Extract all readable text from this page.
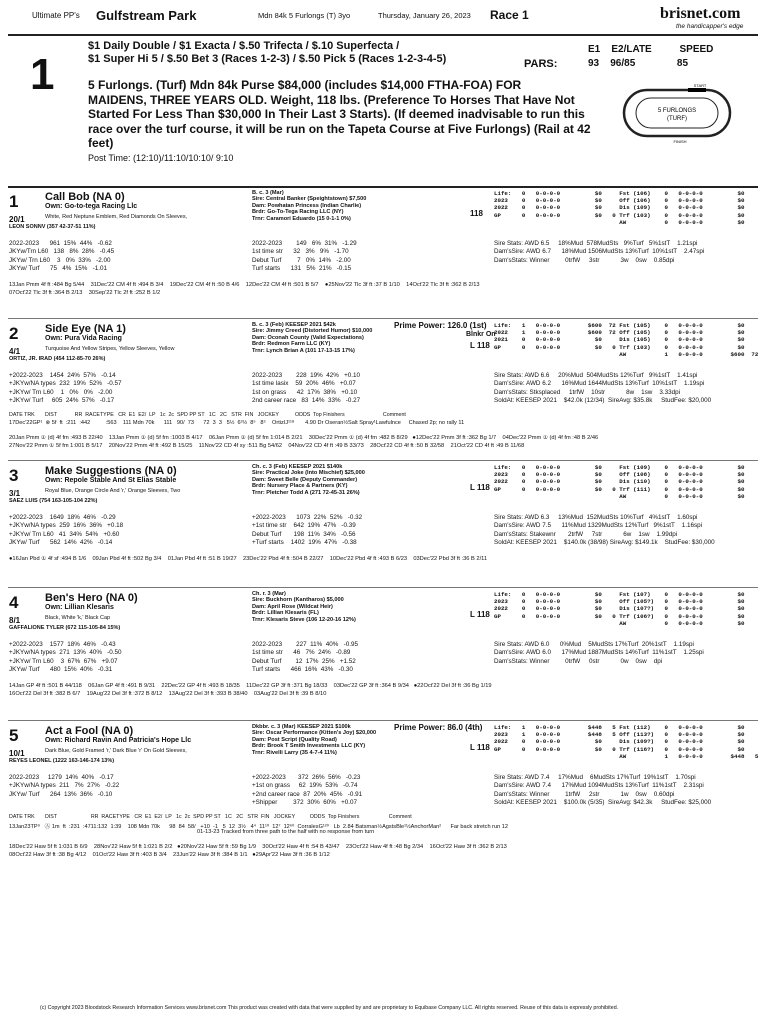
Ultimate PP's Gulfstream Park	Mdn 84k 5 Furlongs (T) 3yo	Thursday, January 26, 2023 Race 1	brisnet.com
the handicapper's edge
1
$1 Daily Double / $1 Exacta / $.50 Trifecta / $.10 Superfecta /
$1 Super Hi 5 / $.50 Bet 3 (Races 1-2-3) / $.50 Pick 5 (Races 1-2-3-4-5)	PARS:
E1    E2/LATE          SPEED
93    96/85               85
5 Furlongs. (Turf) Mdn 84k Purse $84,000 (includes $14,000 FTHA-FOA) FOR
MAIDENS, THREE YEARS OLD. Weight, 118 lbs. (Preference To Horses That Have Not
Started For Less Than $30,000 In Their Last 3 Starts). (If deemed inadvisable to run this
race over the turf course, it will be run on the Tapeta Course at Five Furlongs) (Rail at 42
feet)
Post Time: (12:10)/11:10/10:10/ 9:10
5 FURLONGS
(TURF)
START
FINISH
1 Call Bob (NA 0)
Own: Go-to-tega Racing Llc
20/1	White, Red Neptune Emblem, Red Diamonds On Sleeves,
LEON SONNV (357 42-37-51 11%)
B. c. 3 (Mar)
Sire: Central Banker (Speightstown) $7,500
Dam: Powhatan Princess (Indian Charlie)
Brdr: Go-To-Tega Racing LLC (NY)
Trnr: Caramori Eduardo (15 0-1-1 0%)
118
Life:   0   0-0-0-0          $0     Fst (106)    0   0-0-0-0          $0
2023    0   0-0-0-0          $0     Off (106)    0   0-0-0-0          $0
2022    0   0-0-0-0          $0     Dis (109)    0   0-0-0-0          $0
GP      0   0-0-0-0          $0   0 Trf (103)    0   0-0-0-0          $0
AW           0   0-0-0-0          $0
2022-2023      961  15%  44%   -0.62
JKYw/Trn L60   138   8%  28%   -0.45
JKYw/ Trn L60    3   0%  33%   -2.00
JKYw/ Turf      75   4%  15%   -1.01
2022-2023        149   6%  31%   -1.29
1st time str      32   3%   9%   -1.70
Debut Turf         7   0%  14%   -2.00
Turf starts      131   5%  21%   -0.15
Sire Stats: AWD 6.5     18%Mud  578MudSts   9%Turf   5%1stT    1.21spi
Dam'sSire: AWD 6.7      18%Mud 1506MudSts 13%Turf  10%1stT    2.47spi
Dam'sStats: Winner         0trfW     3str            3w    0sw    0.85dpi
13Jan Pmm 4f ft :484 Bg 5/44    31Dec'22 CM 4f ft :494 B 3/4    19Dec'22 CM 4f ft :50 B 4/6    12Dec'22 CM 4f ft :501 B 5/7    ●25Nov'22 Tlc 3f ft :37 B 1/10    14Oct'22 Tlc 3f ft :362 B 2/13
07Oct'22 Tlc 3f ft :364 B 2/13    30Sep'22 Tlc 2f ft :252 B 1/2
2 Side Eye (NA 1)
Own: Pura Vida Racing
4/1	Turquoise And Yellow Stripes, Yellow Sleeves, Yellow
ORTIZ, JR. IRAD (454 112-85-70 26%)
B. c. 3 (Feb) KEESEP 2021 $42k
Sire: Jimmy Creed (Distorted Humor) $10,000
Dam: Oconah County (Valid Expectations)
Brdr: Redmon Farm LLC (KY)
Trnr: Lynch Brian A (101 17-13-15 17%)
Prime Power: 126.0 (1st)
Blnkr On
L 118
Life:   1   0-0-0-0        $600  72 Fst (105)    0   0-0-0-0          $0
2022    1   0-0-0-0        $600  72 Off (105)    0   0-0-0-0          $0
2021    0   0-0-0-0          $0     Dis (105)    0   0-0-0-0          $0
GP      0   0-0-0-0          $0   0 Trf (103)    0   0-0-0-0          $0
AW           1   0-0-0-0        $600  72
+2022-2023    1454  24%  57%   -0.14
+JKYw/NA types  232  19%  52%   -0.57
+JKYw/ Trn L60    1   0%   0%   -2.00
+JKYw/ Turf     605  24%  57%   -0.17
2022-2023        228  19%  42%   +0.10
1st time lasix    59  20%  46%   +0.07
1st on grass      42  17%  38%   +0.10
2nd career race   83  14%  33%   -0.27
Sire Stats: AWD 6.6     20%Mud  504MudSts 12%Turf   9%1stT    1.41spi
Dam'sSire: AWD 6.2      16%Mud 1644MudSts 13%Turf  10%1stT    1.19spi
Dam'sStats: Stksplaced     1trfW    10str            8w    1sw    3.33dpi
SoldAt: KEESEP 2021    $42.0k (12/34)  SireAvg: $35.8k     StudFee: $20,000
DATE TRK       DIST            RR  RACETYPE   CR  E1  E2/  LP   1c  2c  SPD PP ST   1C   2C   STR  FIN   JOCKEY           ODDS  Top Finishers                          Comment
17Dec'22GP¹  ⊗ 5f  ft  :211  :442          :563    111 Mdn 70k      111   90/  73      72  3  3   5½  6³½  8⁵   8⁵    OrtizIJ¹¹⁸       4.90 Dr Oseran½Salt Spray¹Lawfulnce     Chased 2p; no rally 11
20Jan Pmm ① (d) 4f fm :493 B 22/40    13Jan Pmm ① (d) 5f fm :1003 B 4/17    06Jan Pmm ① (d) 5f fm 1:014 B 2/21    30Dec'22 Pmm ① (d) 4f fm :482 B 8/29   ●12Dec'22 Pmm 3f ft :362 Bg 1/7    04Dec'22 Pmm ① (d) 4f fm :48 B 2/46
27Nov'22 Pmm ① 5f fm 1:001 B 5/17    20Nov'22 Pmm 4f ft :492 B 15/25    11Nov'22 CD 4f sy :511 Bg 54/62    04Nov'22 CD 4f ft :49 B 33/73    28Oct'22 CD 4f ft :50 B 32/58    21Oct'22 CD 4f ft :49 B 11/68
3 Make Suggestions (NA 0)
Own: Repole Stable And St Elias Stable
3/1	Royal Blue, Orange Circle And 'r,' Orange Sleeves, Two
SAEZ LUIS (754 163-105-104 22%)
Ch. c. 3 (Feb) KEESEP 2021 $140k
Sire: Practical Joke (Into Mischief) $25,000
Dam: Sweet Belle (Deputy Commander)
Brdr: Nursery Place & Partners (KY)
Trnr: Pletcher Todd A (271 72-45-31 26%)
L 118
Life:   0   0-0-0-0          $0     Fst (109)    0   0-0-0-0          $0
2023    0   0-0-0-0          $0     Off (108)    0   0-0-0-0          $0
2022    0   0-0-0-0          $0     Dis (110)    0   0-0-0-0          $0
GP      0   0-0-0-0          $0   0 Trf (111)    0   0-0-0-0          $0
AW           0   0-0-0-0          $0
+2022-2023    1649  18%  46%   -0.29
+JKYw/NA types  259  16%  36%   +0.18
+JKYw/ Trn L60   41  34%  54%   +0.60
JKYw/ Turf      562  14%  42%   -0.14
+2022-2023      1073  22%  52%   -0.32
+1st time str    642  19%  47%   -0.39
Debut Turf       198  11%  34%   -0.56
+Turf starts    1402  19%  47%   -0.38
Sire Stats: AWD 6.3     13%Mud  152MudSts 10%Turf   4%1stT    1.60spi
Dam'sSire: AWD 7.5      11%Mud 1329MudSts 12%Turf   9%1stT    1.16spi
Dam'sStats: Stakewnr       2trfW     7str            6w    1sw    1.99dpi
SoldAt: KEESEP 2021    $140.0k (38/98) SireAvg: $149.1k    StudFee: $30,000
●16Jan Pbd ① 4f sf :494 B 1/6    09Jan Pbd 4f ft :502 Bg 3/4    01Jan Pbd 4f ft :51 B 19/27    23Dec'22 Pbd 4f ft :504 B 22/27    10Dec'22 Pbd 4f ft :493 B 6/23    03Dec'22 Pbd 3f ft :36 B 2/11
4 Ben's Hero (NA 0)
Own: Lillian Klesaris
8/1	Black, White 'k,' Black Cap
GAFFALIONE TYLER (672 115-105-84 15%)
Ch. r. 3 (Mar)
Sire: Buckhorn (Kantharos) $5,000
Dam: April Rose (Wildcat Heir)
Brdr: Lillian Klesaris (FL)
Trnr: Klesaris Steve (106 12-20-16 12%)
L 118
Life:   0   0-0-0-0          $0     Fst (107)    0   0-0-0-0          $0
2023    0   0-0-0-0          $0     Off (105?)   0   0-0-0-0          $0
2022    0   0-0-0-0          $0     Dis (107?)   0   0-0-0-0          $0
GP      0   0-0-0-0          $0   0 Trf (106?)   0   0-0-0-0          $0
AW           0   0-0-0-0          $0
+2022-2023    1577  18%  46%   -0.43
+JKYw/NA types  271  13%  40%   -0.50
+JKYw/ Trn L60    3  67%  67%   +9.07
JKYw/ Turf      480  15%  40%   -0.31
2022-2023        227  11%  40%   -0.95
1st time str      46   7%  24%   -0.89
Debut Turf        12  17%  25%   +1.52
Turf starts      466  16%  43%   -0.30
Sire Stats: AWD 6.0      0%Mud    5MudSts 17%Turf  20%1stT    1.19spi
Dam'sSire: AWD 6.0      17%Mud 1887MudSts 14%Turf  11%1stT    1.25spi
Dam'sStats: Winner         0trfW     0str            0w    0sw    dpi
14Jan GP 4f ft :501 B 44/118    06Jan GP 4f ft :491 B 9/31    22Dec'22 GP 4f ft :493 B 18/35    11Dec'22 GP 3f ft :371 Bg 18/33    03Dec'22 GP 3f ft :364 B 9/34   ●22Oct'22 Del 3f ft :36 Bg 1/19
16Oct'22 Del 3f ft :382 B 6/7    19Aug'22 Del 3f ft :372 B 8/12    13Aug'22 Del 3f ft :393 B 38/40    03Aug'22 Del 3f ft :39 B 8/10
5 Act a Fool (NA 0)
Own: Richard Ravin And Patricia's Hope Llc
10/1	Dark Blue, Gold Framed 'r,' Dark Blue 'r' On Gold Sleeves,
REYES LEONEL (1222 163-146-174 13%)
Dkbbr. c. 3 (Mar) KEESEP 2021 $100k
Sire: Oscar Performance (Kitten's Joy) $20,000
Dam: Post Script (Quality Road)
Brdr: Brook T Smith Investments LLC (KY)
Trnr: Rivelli Larry (35 4-7-4 11%)
Prime Power: 86.0 (4th)
L 118
Life:   1   0-0-0-0        $448   5 Fst (112)    0   0-0-0-0          $0
2023    1   0-0-0-0        $448   5 Off (113?)   0   0-0-0-0          $0
2022    0   0-0-0-0          $0     Dis (109?)   0   0-0-0-0          $0
GP      0   0-0-0-0          $0   0 Trf (116?)   0   0-0-0-0          $0
AW           1   0-0-0-0        $448   5
2022-2023     1279  14%  40%   -0.17
+JKYw/NA types  211   7%  27%   -0.22
JKYw/ Turf      264  13%  36%   -0.10
+2022-2023       372  26%  56%   -0.23
+1st on grass     62  19%  53%   -0.74
+2nd career race  87  20%  45%   -0.91
+Shipper         372  30%  60%   +0.07
Sire Stats: AWD 7.4     17%Mud    6MudSts 17%Turf  19%1stT    1.70spi
Dam'sSire: AWD 7.4      17%Mud 1094MudSts 13%Turf  11%1stT    2.31spi
Dam'sStats: Winner         1trfW     2str            1w    0sw    0.60dpi
SoldAt: KEESEP 2021    $100.0k (5/35)  SireAvg: $42.3k     StudFee: $25,000
DATE TRK       DIST                       RR  RACETYPE   CR  E1  E2/  LP   1c  2c  SPD PP ST   1C   2C   STR  FIN   JOCKEY          ODDS  Top Finishers                    Comment
13Jan23TP⁹   Ⓐ 1m  ft  :231  :4711:132  1:39    108 Mdn 70k      98  84  58/   +10  -1   5  12  3½   4⁴  11¹⁰  12⁷  12⁶⁰  CorralesG¹²⁰   Lb  2.84 Batsman½AgstsBle¹½AnchorMan²      Far back stretch run 12
01-13-23 Tracked from three path to the half with no response from turn
18Dec'22 Haw 5f ft 1:031 B 6/9    28Nov'22 Haw 5f ft 1:021 B 2/2   ●20Nov'22 Haw 5f ft :59 Bg 1/9    30Oct'22 Haw 4f ft :54 B 43/47    23Oct'22 Haw 4f ft :48 Bg 2/34    16Oct'22 Haw 3f ft :362 B 2/13
08Oct'22 Haw 3f ft :38 Bg 4/12    01Oct'22 Haw 3f ft :403 B 3/4    23Jun'22 Haw 3f ft :384 B 1/1   ●29Apr'22 Haw 3f ft :36 B 1/12
(c) Copyright 2023 Bloodstock Research Information Services www.brisnet.com This product was created with data that were supplied by and are proprietary to Equibase Company LLC. All rights reserved. Reuse of this data is expressly prohibited.
